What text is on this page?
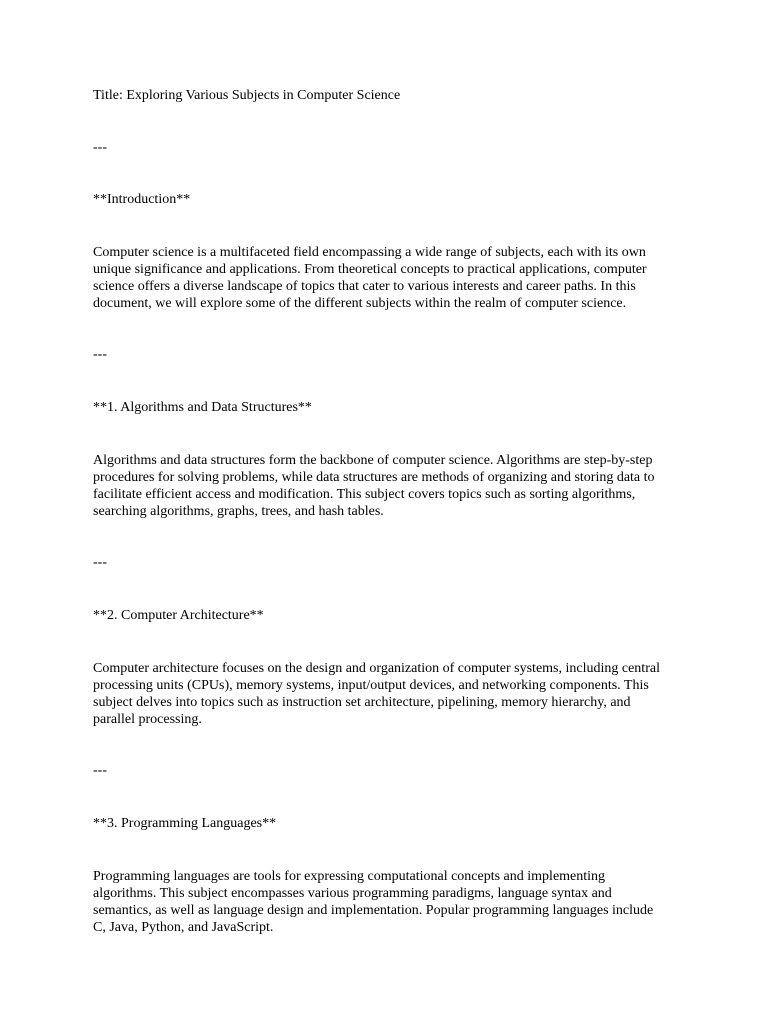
Title: Exploring Various Subjects in Computer Science

---

**Introduction**

Computer science is a multifaceted field encompassing a wide range of subjects, each with its own
unique significance and applications. From theoretical concepts to practical applications, computer
science offers a diverse landscape of topics that cater to various interests and career paths. In this
document, we will explore some of the different subjects within the realm of computer science.

---

**1. Algorithms and Data Structures**

Algorithms and data structures form the backbone of computer science. Algorithms are step-by-step
procedures for solving problems, while data structures are methods of organizing and storing data to
facilitate efficient access and modification. This subject covers topics such as sorting algorithms,
searching algorithms, graphs, trees, and hash tables.

---

**2. Computer Architecture**

Computer architecture focuses on the design and organization of computer systems, including central
processing units (CPUs), memory systems, input/output devices, and networking components. This
subject delves into topics such as instruction set architecture, pipelining, memory hierarchy, and
parallel processing.

---

**3. Programming Languages**

Programming languages are tools for expressing computational concepts and implementing
algorithms. This subject encompasses various programming paradigms, language syntax and
semantics, as well as language design and implementation. Popular programming languages include
C, Java, Python, and JavaScript.
